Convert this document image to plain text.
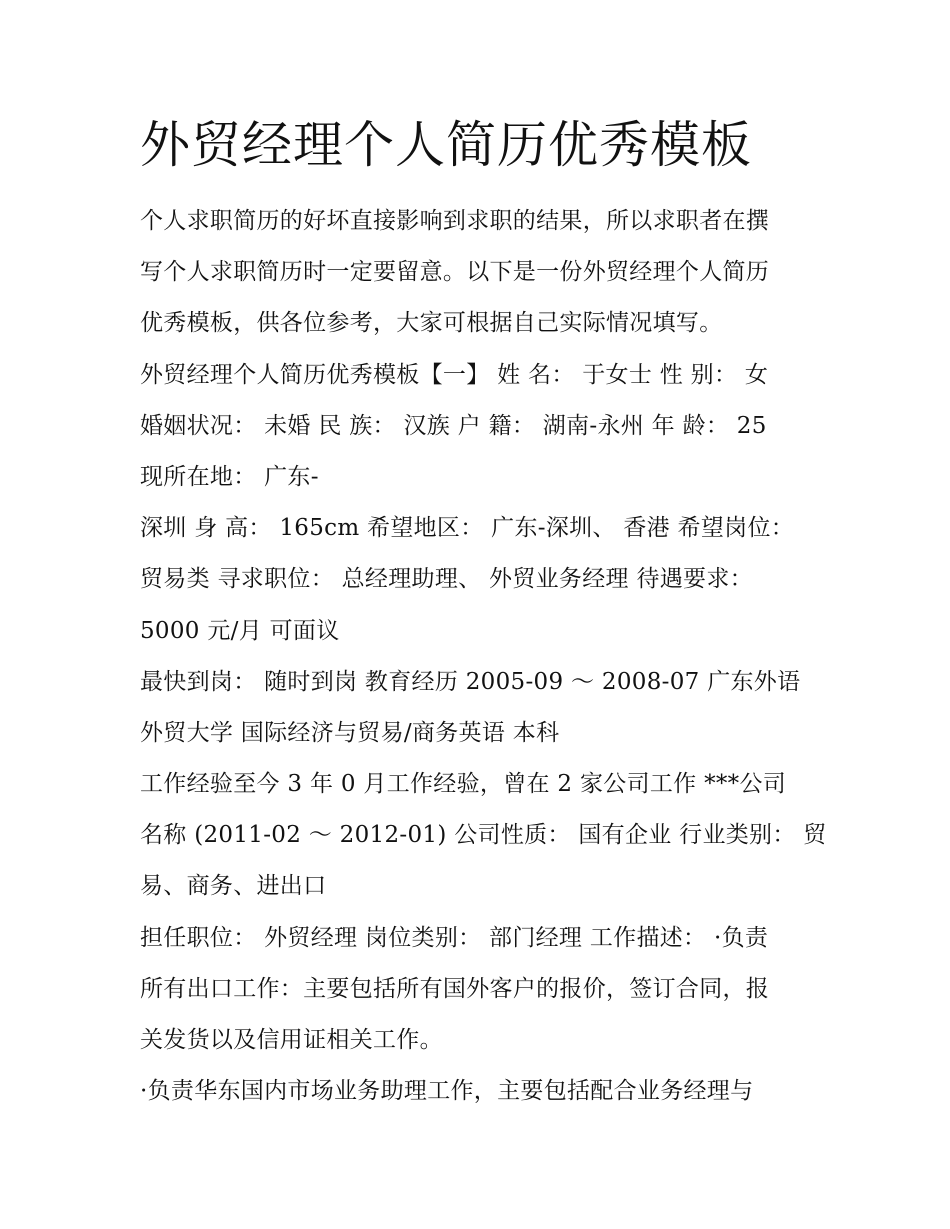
外贸经理个人简历优秀模板
个人求职简历的好坏直接影响到求职的结果，所以求职者在撰
写个人求职简历时一定要留意。以下是一份外贸经理个人简历
优秀模板，供各位参考，大家可根据自己实际情况填写。
外贸经理个人简历优秀模板【一】 姓 名： 于女士 性 别： 女
婚姻状况： 未婚 民 族： 汉族 户 籍： 湖南-永州 年 龄： 25
现所在地： 广东-
深圳 身 高： 165cm 希望地区： 广东-深圳、 香港 希望岗位：
贸易类 寻求职位： 总经理助理、 外贸业务经理 待遇要求：
5000 元/月 可面议
最快到岗： 随时到岗 教育经历 2005-09 ～ 2008-07 广东外语
外贸大学 国际经济与贸易/商务英语 本科
工作经验至今 3 年 0 月工作经验，曾在 2 家公司工作 ***公司
名称 (2011-02 ～ 2012-01) 公司性质： 国有企业 行业类别： 贸
易、商务、进出口
担任职位： 外贸经理 岗位类别： 部门经理 工作描述： ·负责
所有出口工作：主要包括所有国外客户的报价，签订合同，报
关发货以及信用证相关工作。
·负责华东国内市场业务助理工作，主要包括配合业务经理与
